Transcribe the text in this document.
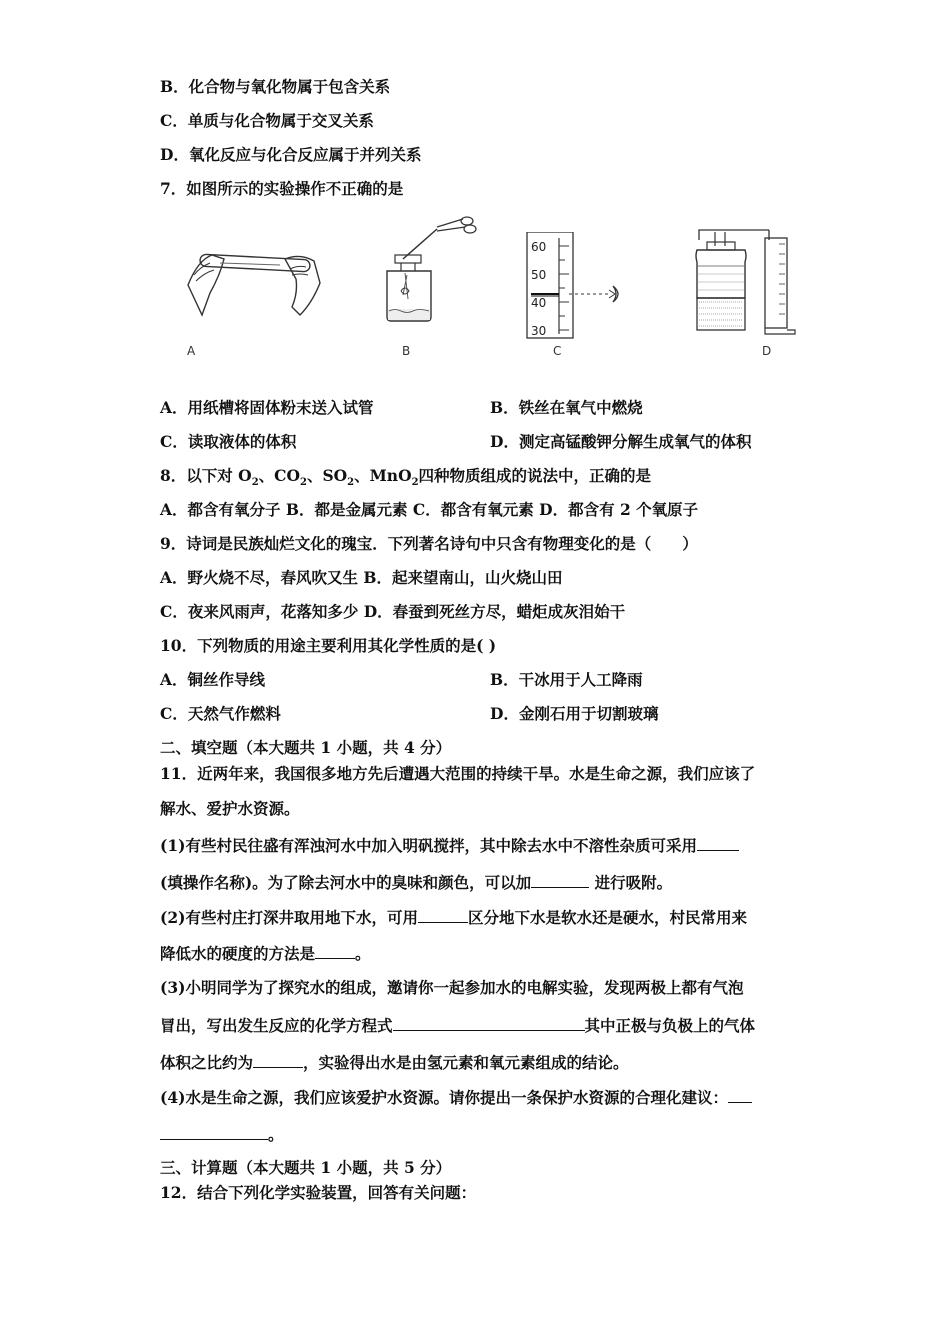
B．化合物与氧化物属于包含关系
C．单质与化合物属于交叉关系
D．氧化反应与化合反应属于并列关系
7．如图所示的实验操作不正确的是
A	B
60
50
40
30
C	D
A．用纸槽将固体粉末送入试管	B．铁丝在氧气中燃烧
C．读取液体的体积	D．测定高锰酸钾分解生成氧气的体积
8．以下对 $O_2$、$CO_2$、$SO_2$、MnO$_2$四种物质组成的说法中，正确的是
A．都含有氧分子 B．都是金属元素 C．都含有氧元素 D．都含有 2 个氧原子
9．诗词是民族灿烂文化的瑰宝．下列著名诗句中只含有物理变化的是（　　）
A．野火烧不尽，春风吹又生 B．起来望南山，山火烧山田
C．夜来风雨声，花落知多少 D．春蚕到死丝方尽，蜡炬成灰泪始干
10．下列物质的用途主要利用其化学性质的是( )
A．铜丝作导线	B．干冰用于人工降雨
C．天然气作燃料	D．金刚石用于切割玻璃
二、填空题（本大题共 1 小题，共 4 分）
11．近两年来，我国很多地方先后遭遇大范围的持续干旱。水是生命之源，我们应该了
解水、爱护水资源。
(1)有些村民往盛有浑浊河水中加入明矾搅拌，其中除去水中不溶性杂质可采用
(填操作名称)。为了除去河水中的臭味和颜色，可以加	进行吸附。
(2)有些村庄打深井取用地下水，可用	区分地下水是软水还是硬水，村民常用来
降低水的硬度的方法是	。
(3)小明同学为了探究水的组成，邀请你一起参加水的电解实验，发现两极上都有气泡
冒出，写出发生反应的化学方程式	其中正极与负极上的气体
体积之比约为	，实验得出水是由氢元素和氧元素组成的结论。
(4)水是生命之源，我们应该爱护水资源。请你提出一条保护水资源的合理化建议：
。
三、计算题（本大题共 1 小题，共 5 分）
12．结合下列化学实验装置，回答有关问题：
